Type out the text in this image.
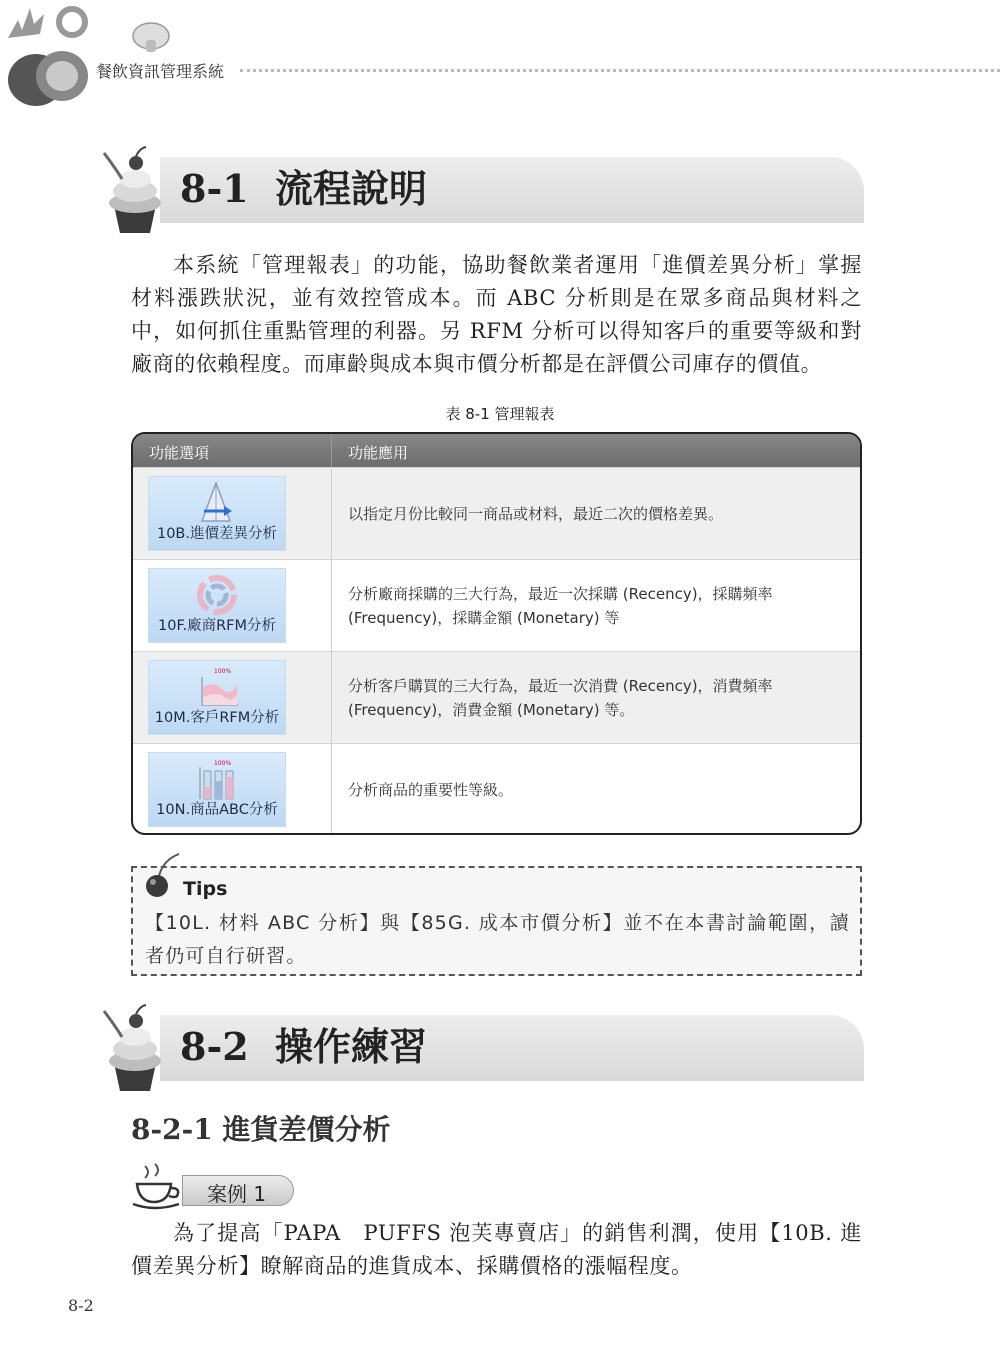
餐飲資訊管理系統
8-1 流程說明

本系統「管理報表」的功能，協助餐飲業者運用「進價差異分析」掌握材料漲跌狀況，並有效控管成本。而 ABC 分析則是在眾多商品與材料之中，如何抓住重點管理的利器。另 RFM 分析可以得知客戶的重要等級和對廠商的依賴程度。而庫齡與成本與市價分析都是在評價公司庫存的價值。

表 8-1 管理報表
功能選項	功能應用
10B.進價差異分析
以指定月份比較同一商品或材料，最近二次的價格差異。
10F.廠商RFM分析
分析廠商採購的三大行為，最近一次採購 (Recency)，採購頻率 (Frequency)，採購金額 (Monetary) 等
100%
10M.客戶RFM分析
分析客戶購買的三大行為，最近一次消費 (Recency)，消費頻率 (Frequency)，消費金額 (Monetary) 等。
100%
10N.商品ABC分析
分析商品的重要性等級。
Tips
【10L. 材料 ABC 分析】與【85G. 成本市價分析】並不在本書討論範圍，讀者仍可自行研習。
8-2 操作練習
8-2-1 進貨差價分析
案例 1

為了提高「PAPA　PUFFS 泡芙專賣店」的銷售利潤，使用【10B. 進價差異分析】瞭解商品的進貨成本、採購價格的漲幅程度。

8-2
